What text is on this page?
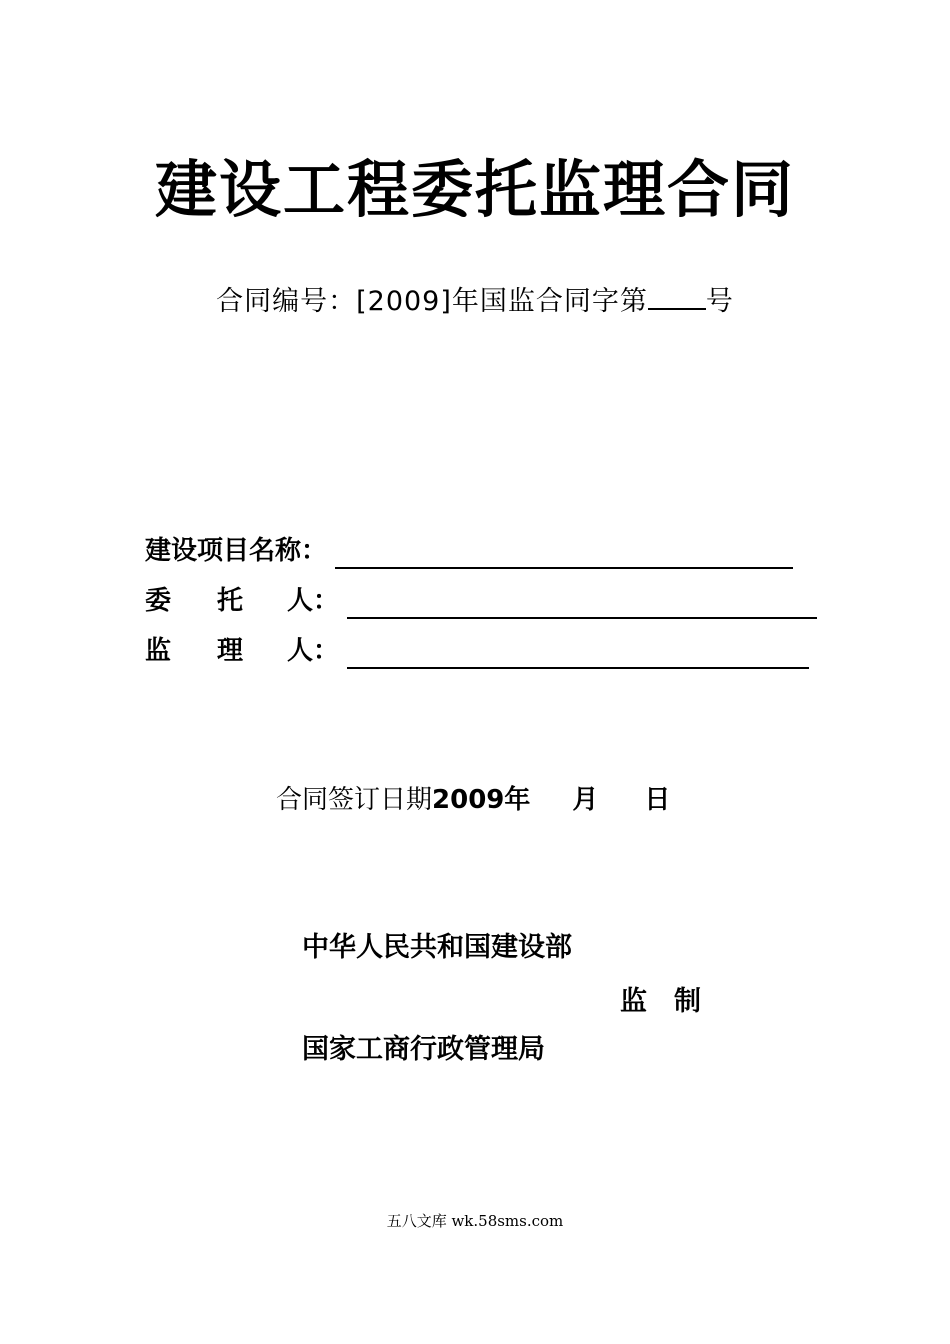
建设工程委托监理合同
合同编号：[2009]年国监合同字第 号
建设项目名称：
委 托 人：
监 理 人：
合同签订日期2009年 月 日
中华人民共和国建设部
监　制
国家工商行政管理局
五八文库 wk.58sms.com
